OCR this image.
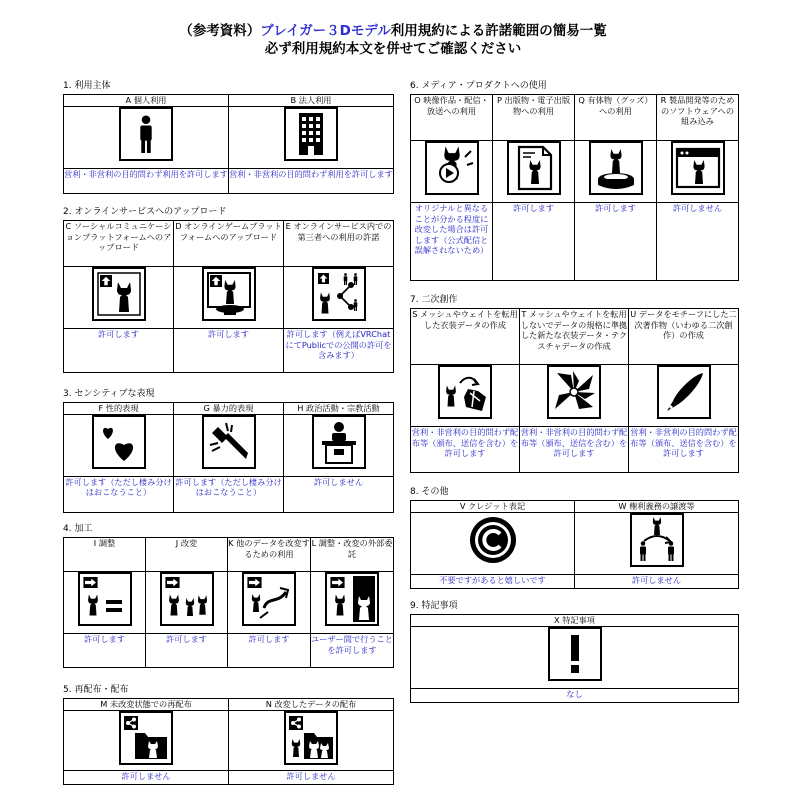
（参考資料）ブレイガー３Dモデル利用規約による許諾範囲の簡易一覧
必ず利用規約本文を併せてご確認ください
1. 利用主体
A 個人利用	B 法人利用

営利・非営利の目的問わず利用を許可します	営利・非営利の目的問わず利用を許可します
2. オンラインサービスへのアップロード
C ソーシャルコミュニケーションプラットフォームへのアップロード	D オンラインゲームプラットフォームへのアップロード	E オンラインサービス内での第三者への利用の許諾

許可します	許可します	許可します（例えばVRChatにてPublicでの公開の許可を含みます）
3. センシティブな表現
F 性的表現	G 暴力的表現	H 政治活動・宗教活動

許可します（ただし棲み分けはおこなうこと）	許可します（ただし棲み分けはおこなうこと）	許可しません
4. 加工
I 調整	J 改変	K 他のデータを改変するための利用	L 調整・改変の外部委託

許可します	許可します	許可します	ユーザー間で行うことを許可します
5. 再配布・配布
M 未改変状態での再配布	N 改変したデータの配布

許可しません	許可しません
6. メディア・プロダクトへの使用
O 映像作品・配信・放送への利用	P 出版物・電子出版物への利用	Q 有体物（グッズ）への利用	R 製品開発等のためのソフトウェアへの組み込み

オリジナルと異なることが分かる程度に改変した場合は許可します（公式配信と誤解されないため）	許可します	許可します	許可しません
7. 二次創作
S メッシュやウェイトを転用した衣装データの作成	T メッシュやウェイトを転用しないでデータの規格に準拠した新たな衣装データ・テクスチャデータの作成	U データをモチーフにした二次著作物（いわゆる二次創作）の作成

営利・非営利の目的問わず配布等（頒布、送信を含む）を許可します	営利・非営利の目的問わず配布等（頒布、送信を含む）を許可します	営利・非営利の目的問わず配布等（頒布、送信を含む）を許可します
8. その他
V クレジット表記	W 権利義務の譲渡等

不要ですがあると嬉しいです	許可しません
9. 特記事項
X 特記事項

なし
